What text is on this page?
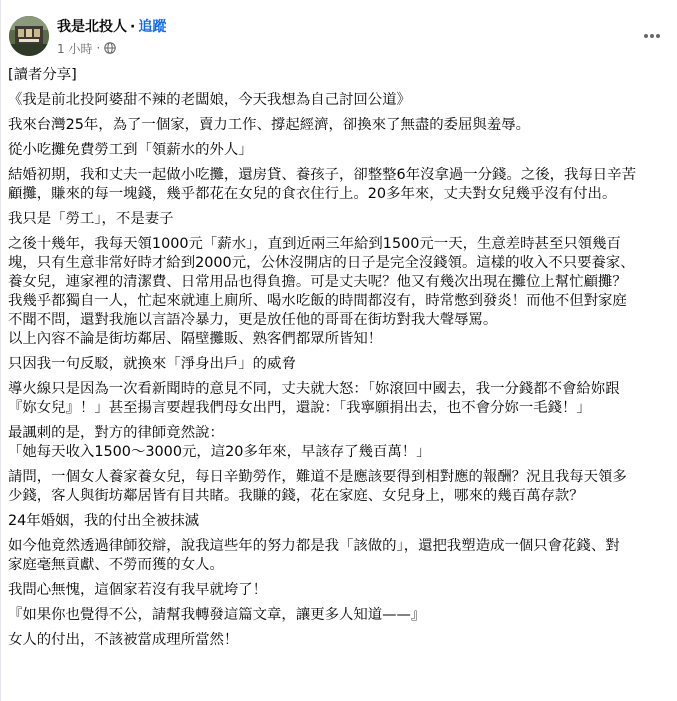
我是北投人 · 追蹤
1 小時 ·

[讀者分享]

《我是前北投阿婆甜不辣的老闆娘，今天我想為自己討回公道》

我來台灣25年，為了一個家，賣力工作、撐起經濟，卻換來了無盡的委屈與羞辱。

從小吃攤免費勞工到「領薪水的外人」

結婚初期，我和丈夫一起做小吃攤，還房貸、養孩子，卻整整6年沒拿過一分錢。之後，我每日辛苦
顧攤，賺來的每一塊錢，幾乎都花在女兒的食衣住行上。20多年來，丈夫對女兒幾乎沒有付出。

我只是「勞工」，不是妻子

之後十幾年，我每天領1000元「薪水」，直到近兩三年給到1500元一天，生意差時甚至只領幾百
塊，只有生意非常好時才給到2000元，公休沒開店的日子是完全沒錢領。這樣的收入不只要養家、
養女兒，連家裡的清潔費、日常用品也得負擔。可是丈夫呢？他又有幾次出現在攤位上幫忙顧攤？
我幾乎都獨自一人，忙起來就連上廁所、喝水吃飯的時間都沒有，時常憋到發炎！而他不但對家庭
不聞不問，還對我施以言語冷暴力，更是放任他的哥哥在街坊對我大聲辱罵。
以上內容不論是街坊鄰居、隔壁攤販、熟客們都眾所皆知！

只因我一句反駁，就換來「淨身出戶」的威脅

導火線只是因為一次看新聞時的意見不同，丈夫就大怒：「妳滾回中國去，我一分錢都不會給妳跟
『妳女兒』！」甚至揚言要趕我們母女出門，還說：「我寧願捐出去，也不會分妳一毛錢！」

最諷刺的是，對方的律師竟然說：
「她每天收入1500～3000元，這20多年來，早該存了幾百萬！」

請問，一個女人養家養女兒，每日辛勤勞作，難道不是應該要得到相對應的報酬？況且我每天領多
少錢，客人與街坊鄰居皆有目共睹。我賺的錢，花在家庭、女兒身上，哪來的幾百萬存款？

24年婚姻，我的付出全被抹滅

如今他竟然透過律師狡辯，說我這些年的努力都是我「該做的」，還把我塑造成一個只會花錢、對
家庭毫無貢獻、不勞而獲的女人。

我問心無愧，這個家若沒有我早就垮了！

『如果你也覺得不公，請幫我轉發這篇文章，讓更多人知道——』

女人的付出，不該被當成理所當然！
